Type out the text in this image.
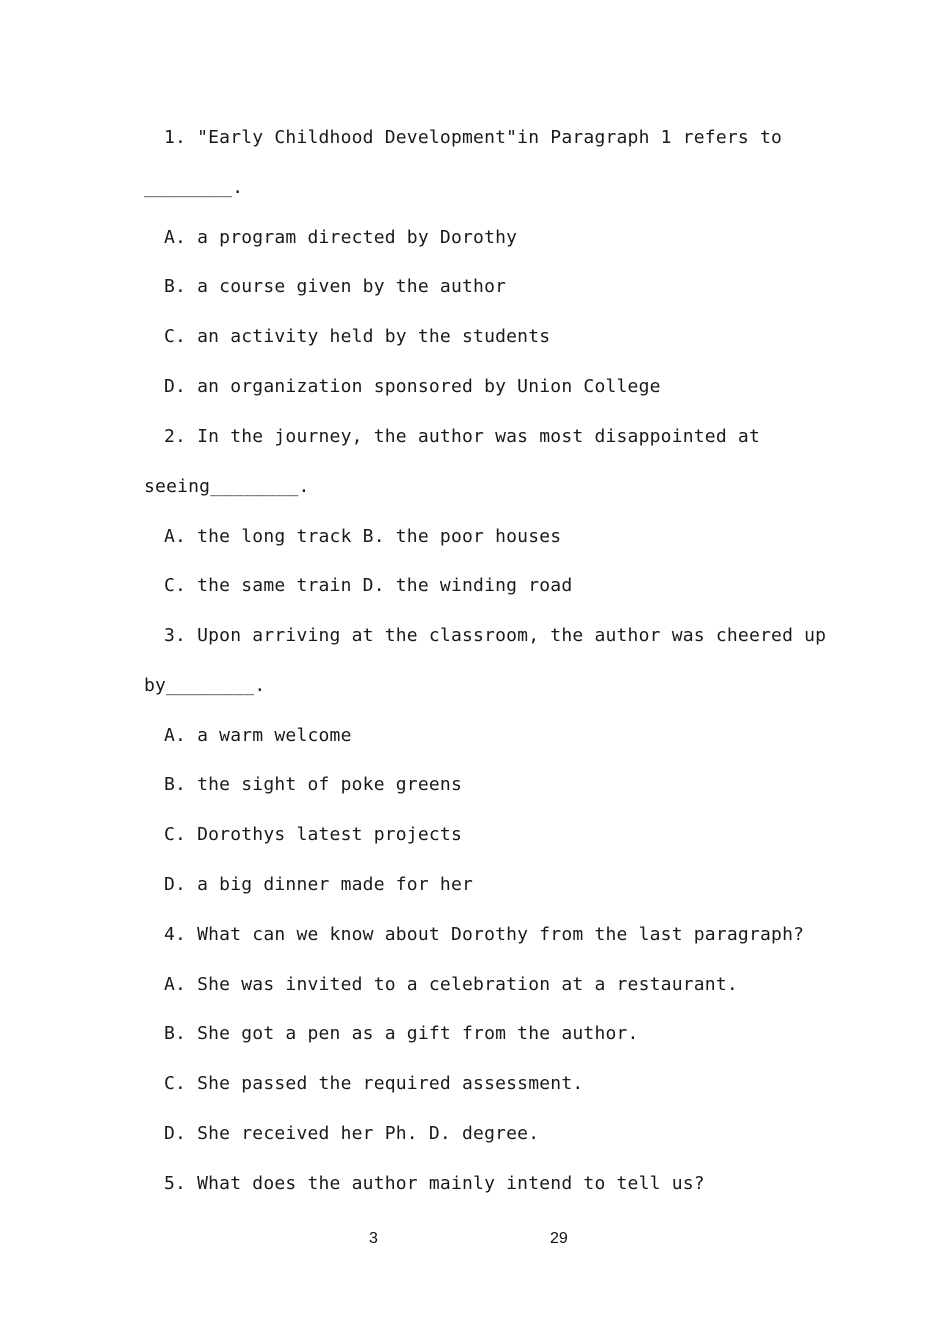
1. "Early Childhood Development"in Paragraph 1 refers to
________.
A. a program directed by Dorothy
B. a course given by the author
C. an activity held by the students
D. an organization sponsored by Union College
2. In the journey, the author was most disappointed at
seeing________.
A. the long track B. the poor houses
C. the same train D. the winding road
3. Upon arriving at the classroom, the author was cheered up
by________.
A. a warm welcome
B. the sight of poke greens
C. Dorothys latest projects
D. a big dinner made for her
4. What can we know about Dorothy from the last paragraph?
A. She was invited to a celebration at a restaurant.
B. She got a pen as a gift from the author.
C. She passed the required assessment.
D. She received her Ph. D. degree.
5. What does the author mainly intend to tell us?
3	29
